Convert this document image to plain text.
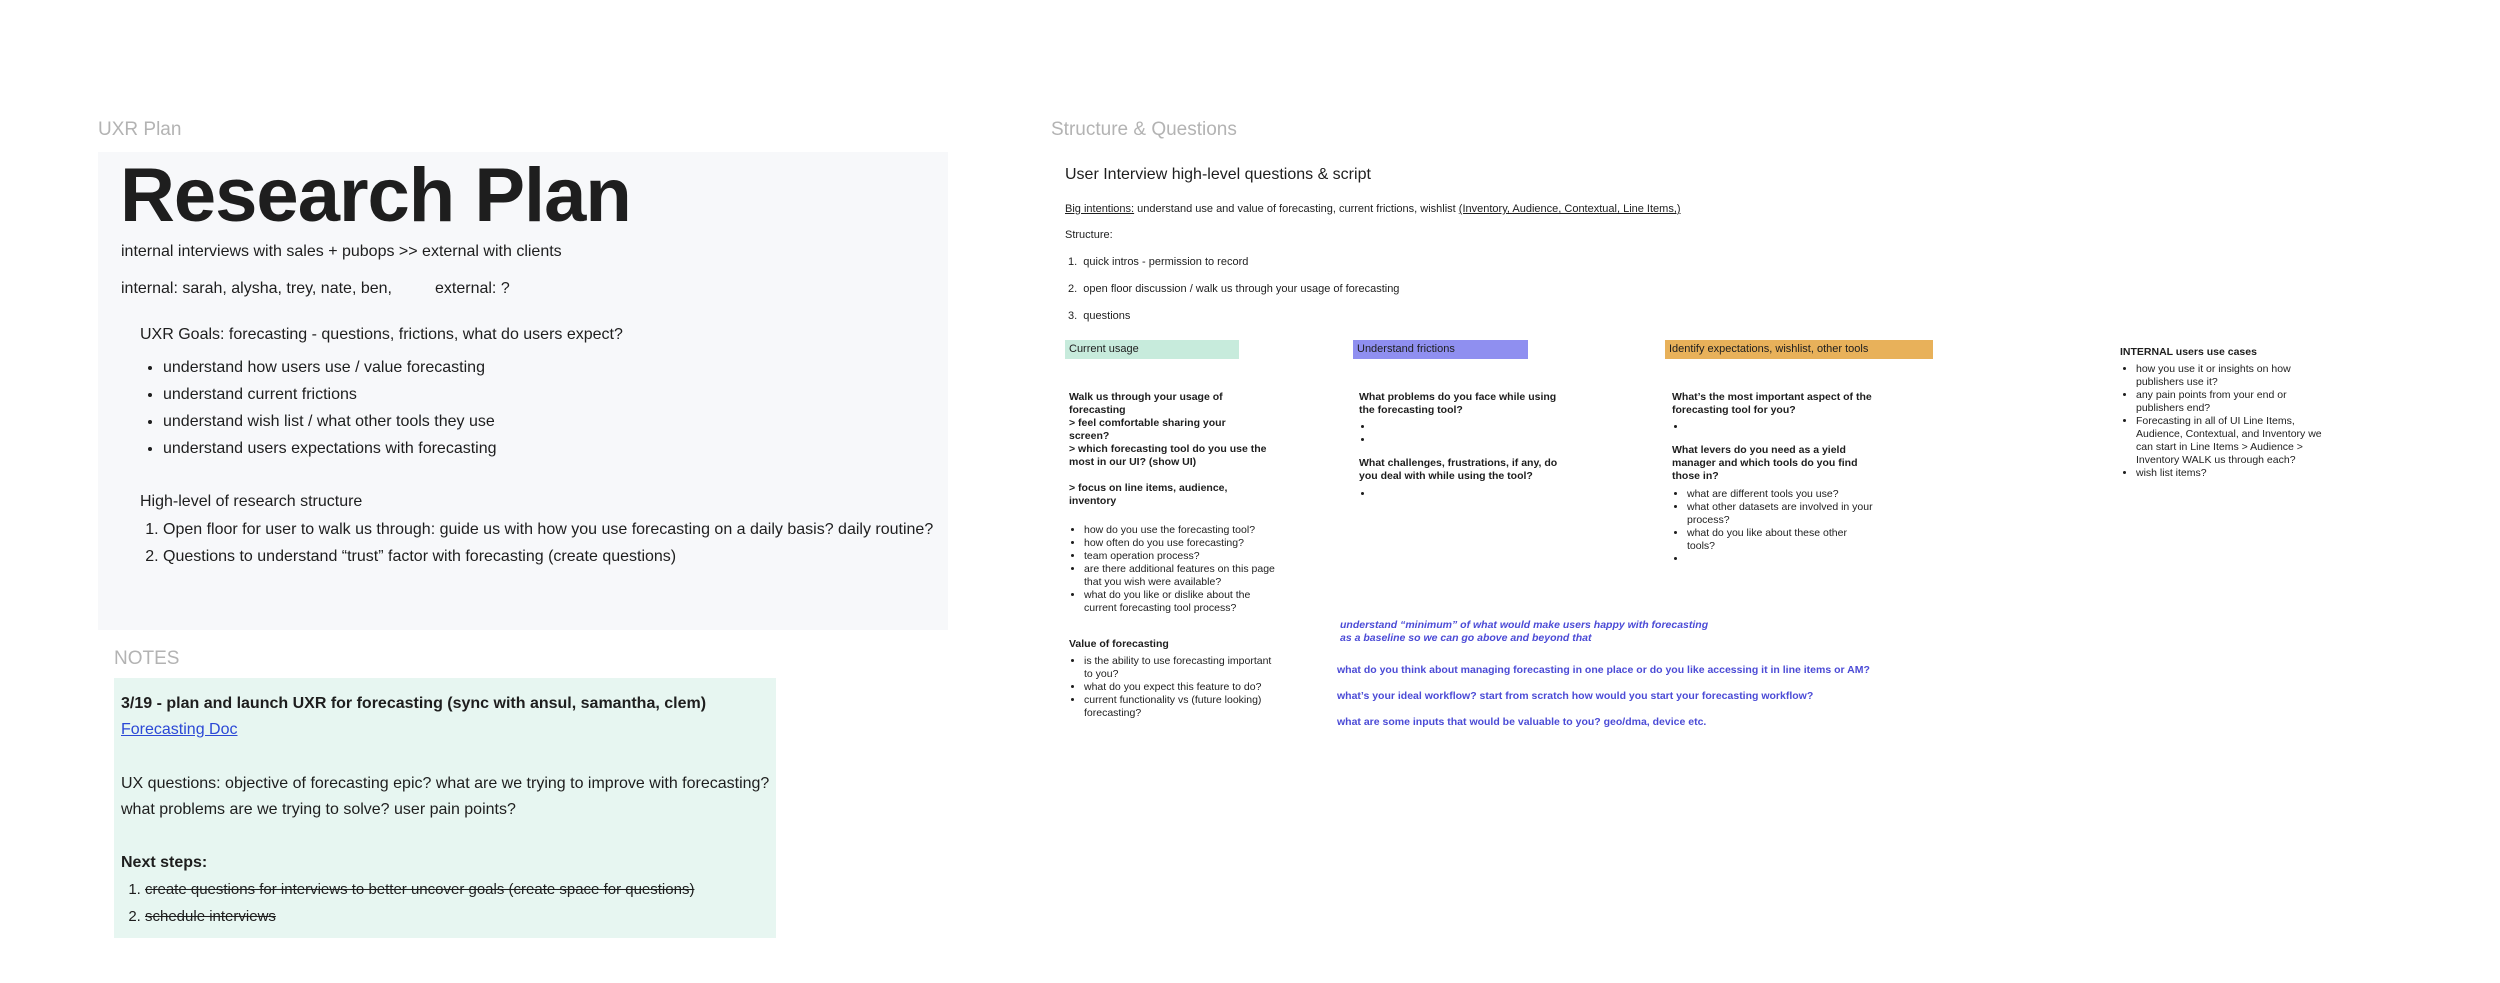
UXR Plan
Research Plan
internal interviews with sales + pubops >> external with clients
internal: sarah, alysha, trey, nate, ben,	external: ?
UXR Goals: forecasting - questions, frictions, what do users expect?
• understand how users use / value forecasting
• understand current frictions
• understand wish list / what other tools they use
• understand users expectations with forecasting
High-level of research structure
1. Open floor for user to walk us through: guide us with how you use forecasting on a daily basis? daily routine?
2. Questions to understand “trust” factor with forecasting (create questions)
NOTES
3/19 - plan and launch UXR for forecasting (sync with ansul, samantha, clem)
Forecasting Doc
UX questions: objective of forecasting epic? what are we trying to improve with forecasting?
what problems are we trying to solve? user pain points?
Next steps:
1. create questions for interviews to better uncover goals (create space for questions)
2. schedule interviews
Structure & Questions
User Interview high-level questions & script
Big intentions: understand use and value of forecasting, current frictions, wishlist (Inventory, Audience, Contextual, Line Items,)
Structure:
1.  quick intros - permission to record
2.  open floor discussion / walk us through your usage of forecasting
3.  questions
Current usage	Understand frictions	Identify expectations, wishlist, other tools
Walk us through your usage of
forecasting
> feel comfortable sharing your
screen?
> which forecasting tool do you use the
most in our UI? (show UI)
> focus on line items, audience,
inventory
• how do you use the forecasting tool?
• how often do you use forecasting?
• team operation process?
• are there additional features on this page that you wish were available?
• what do you like or dislike about the current forecasting tool process?
Value of forecasting
• is the ability to use forecasting important to you?
• what do you expect this feature to do?
• current functionality vs (future looking) forecasting?
What problems do you face while using the forecasting tool?
•
•
What challenges, frustrations, if any, do you deal with while using the tool?
•
What’s the most important aspect of the forecasting tool for you?
•
What levers do you need as a yield manager and which tools do you find those in?
• what are different tools you use?
• what other datasets are involved in your process?
• what do you like about these other tools?
•
INTERNAL users use cases
• how you use it or insights on how publishers use it?
• any pain points from your end or publishers end?
• Forecasting in all of UI Line Items, Audience, Contextual, and Inventory we can start in Line Items > Audience > Inventory WALK us through each?
• wish list items?
understand “minimum” of what would make users happy with forecasting
as a baseline so we can go above and beyond that
what do you think about managing forecasting in one place or do you like accessing it in line items or AM?
what’s your ideal workflow? start from scratch how would you start your forecasting workflow?
what are some inputs that would be valuable to you? geo/dma, device etc.
